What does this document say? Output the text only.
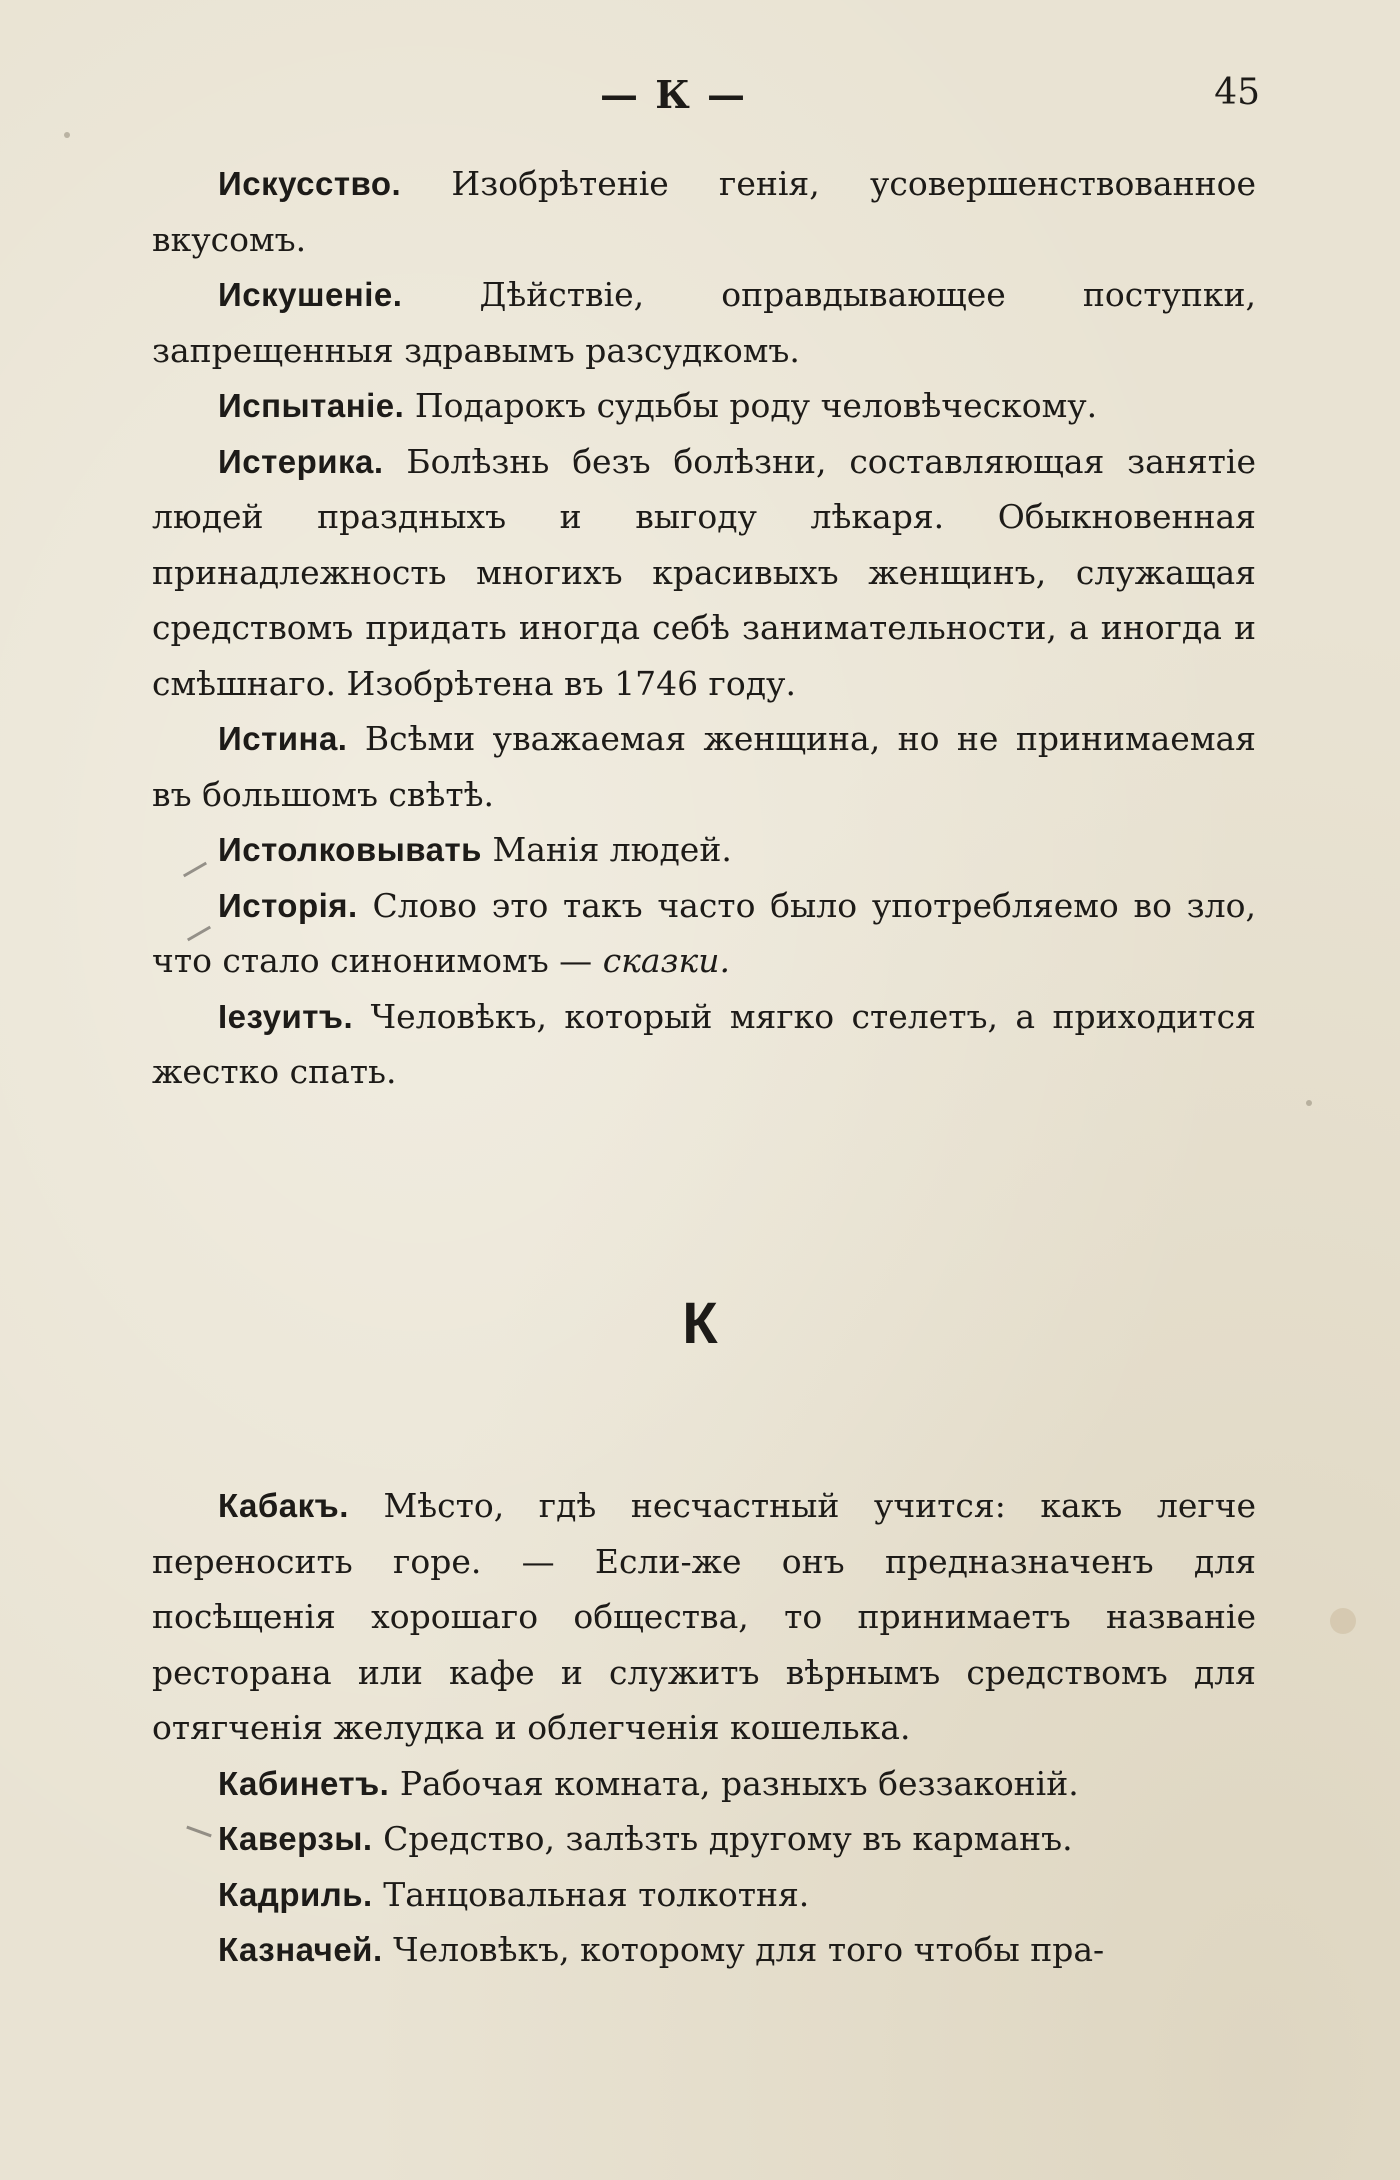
— К —	45

Искусство. Изобрѣтеніе генія, усовершенствованное вкусомъ.

Искушеніе. Дѣйствіе, оправдывающее поступки, запрещенныя здравымъ разсудкомъ.

Испытаніе. Подарокъ судьбы роду человѣческому.

Истерика. Болѣзнь безъ болѣзни, составляющая занятіе людей праздныхъ и выгоду лѣкаря. Обыкновенная принадлежность многихъ красивыхъ женщинъ, служащая средствомъ придать иногда себѣ занимательности, а иногда и смѣшнаго. Изобрѣтена въ 1746 году.

Истина. Всѣми уважаемая женщина, но не принимаемая въ большомъ свѣтѣ.

Истолковывать Манія людей.

Исторія. Слово это такъ часто было употребляемо во зло, что стало синонимомъ — сказки.

Іезуитъ. Человѣкъ, который мягко стелетъ, а приходится жестко спать.

К

Кабакъ. Мѣсто, гдѣ несчастный учится: какъ легче переносить горе. — Если-же онъ предназначенъ для посѣщенія хорошаго общества, то принимаетъ названіе ресторана или кафе и служитъ вѣрнымъ средствомъ для отягченія желудка и облегченія кошелька.

Кабинетъ. Рабочая комната, разныхъ беззаконій.

Каверзы. Средство, залѣзть другому въ карманъ.

Кадриль. Танцовальная толкотня.

Казначей. Человѣкъ, которому для того чтобы пра-
